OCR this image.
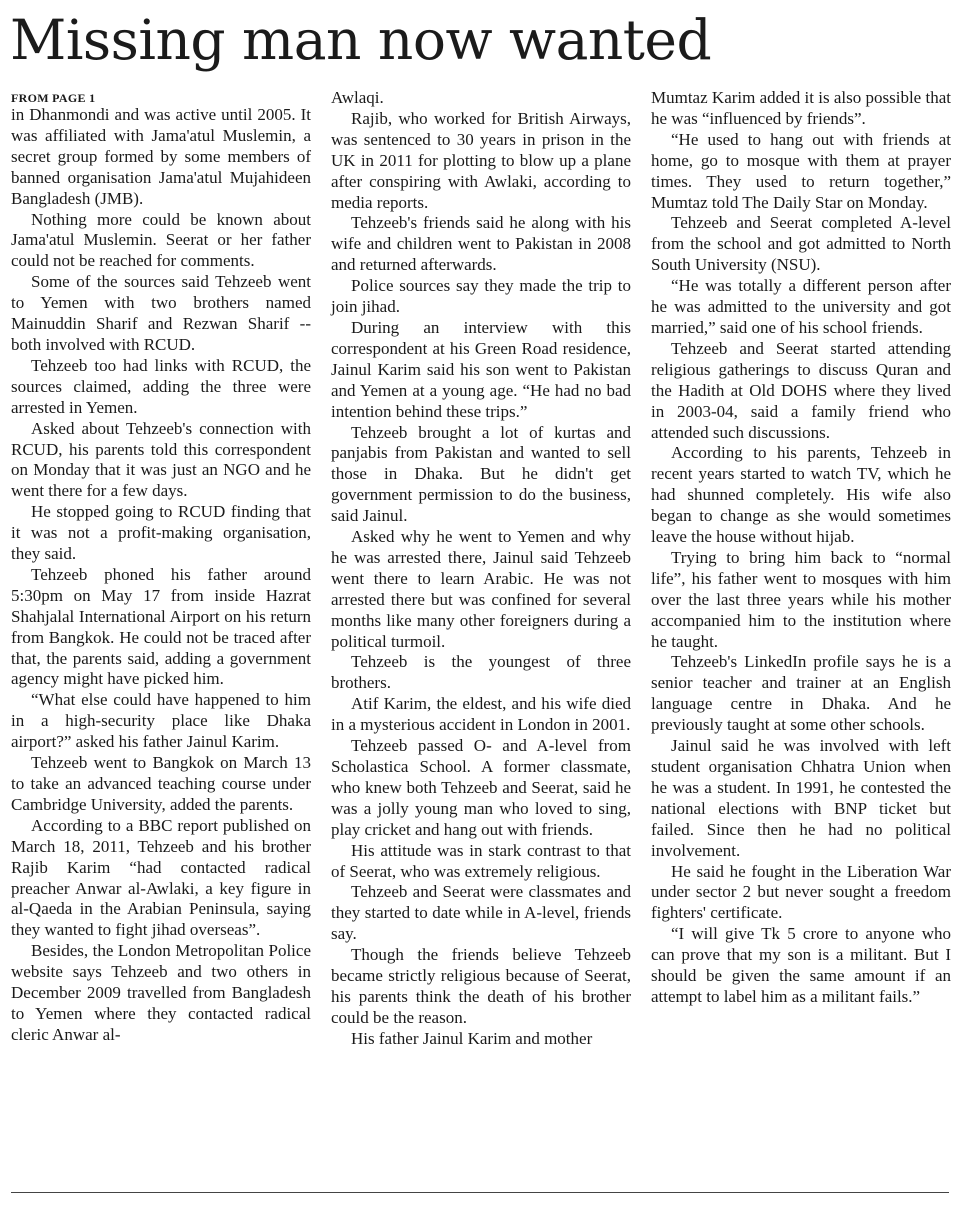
Missing man now wanted
FROM PAGE 1

in Dhanmondi and was active until 2005. It was affiliated with Jama'atul Muslemin, a secret group formed by some members of banned organisation Jama'atul Mujahideen Bangladesh (JMB).

Nothing more could be known about Jama'atul Muslemin. Seerat or her father could not be reached for comments.

Some of the sources said Tehzeeb went to Yemen with two brothers named Mainuddin Sharif and Rezwan Sharif -- both involved with RCUD.

Tehzeeb too had links with RCUD, the sources claimed, adding the three were arrested in Yemen.

Asked about Tehzeeb's connection with RCUD, his parents told this correspondent on Monday that it was just an NGO and he went there for a few days.

He stopped going to RCUD finding that it was not a profit-making organisation, they said.

Tehzeeb phoned his father around 5:30pm on May 17 from inside Hazrat Shahjalal International Airport on his return from Bangkok. He could not be traced after that, the parents said, adding a government agency might have picked him.

“What else could have happened to him in a high-security place like Dhaka airport?” asked his father Jainul Karim.

Tehzeeb went to Bangkok on March 13 to take an advanced teaching course under Cambridge University, added the parents.

According to a BBC report published on March 18, 2011, Tehzeeb and his brother Rajib Karim “had contacted radical preacher Anwar al-Awlaki, a key figure in al-Qaeda in the Arabian Peninsula, saying they wanted to fight jihad overseas”.

Besides, the London Metropolitan Police website says Tehzeeb and two others in December 2009 travelled from Bangladesh to Yemen where they contacted radical cleric Anwar al-

Awlaqi.

Rajib, who worked for British Airways, was sentenced to 30 years in prison in the UK in 2011 for plotting to blow up a plane after conspiring with Awlaki, according to media reports.

Tehzeeb's friends said he along with his wife and children went to Pakistan in 2008 and returned afterwards.

Police sources say they made the trip to join jihad.

During an interview with this correspondent at his Green Road residence, Jainul Karim said his son went to Pakistan and Yemen at a young age. “He had no bad intention behind these trips.”

Tehzeeb brought a lot of kurtas and panjabis from Pakistan and wanted to sell those in Dhaka. But he didn't get government permission to do the business, said Jainul.

Asked why he went to Yemen and why he was arrested there, Jainul said Tehzeeb went there to learn Arabic. He was not arrested there but was confined for several months like many other foreigners during a political turmoil.

Tehzeeb is the youngest of three brothers.

Atif Karim, the eldest, and his wife died in a mysterious accident in London in 2001.

Tehzeeb passed O- and A-level from Scholastica School. A former classmate, who knew both Tehzeeb and Seerat, said he was a jolly young man who loved to sing, play cricket and hang out with friends.

His attitude was in stark contrast to that of Seerat, who was extremely religious.

Tehzeeb and Seerat were classmates and they started to date while in A-level, friends say.

Though the friends believe Tehzeeb became strictly religious because of Seerat, his parents think the death of his brother could be the reason.

His father Jainul Karim and mother

Mumtaz Karim added it is also possible that he was “influenced by friends”.

“He used to hang out with friends at home, go to mosque with them at prayer times. They used to return together,” Mumtaz told The Daily Star on Monday.

Tehzeeb and Seerat completed A-level from the school and got admitted to North South University (NSU).

“He was totally a different person after he was admitted to the university and got married,” said one of his school friends.

Tehzeeb and Seerat started attending religious gatherings to discuss Quran and the Hadith at Old DOHS where they lived in 2003-04, said a family friend who attended such discussions.

According to his parents, Tehzeeb in recent years started to watch TV, which he had shunned completely. His wife also began to change as she would sometimes leave the house without hijab.

Trying to bring him back to “normal life”, his father went to mosques with him over the last three years while his mother accompanied him to the institution where he taught.

Tehzeeb's LinkedIn profile says he is a senior teacher and trainer at an English language centre in Dhaka. And he previously taught at some other schools.

Jainul said he was involved with left student organisation Chhatra Union when he was a student. In 1991, he contested the national elections with BNP ticket but failed. Since then he had no political involvement.

He said he fought in the Liberation War under sector 2 but never sought a freedom fighters' certificate.

“I will give Tk 5 crore to anyone who can prove that my son is a militant. But I should be given the same amount if an attempt to label him as a militant fails.”
